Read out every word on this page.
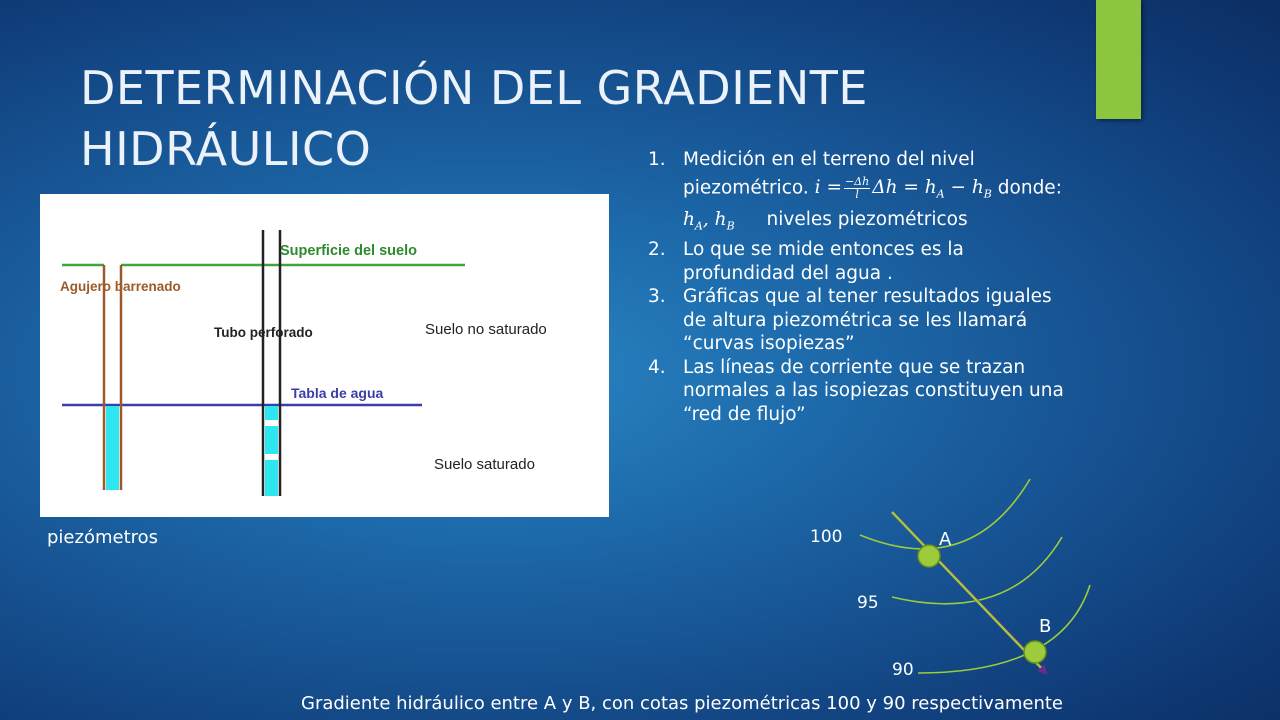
DETERMINACIÓN DEL GRADIENTE
HIDRÁULICO
Superficie del suelo
Agujero barrenado
Tubo perforado	Suelo no saturado
Tabla de agua
Suelo saturado
piezómetros
1. Medición en el terreno del nivel
piezométrico. $i = \frac{-\Delta h}{l}$ $\Delta h = h_A - h_B$ donde:
$h_A$, $h_B$ niveles piezométricos
2. Lo que se mide entonces es la
profundidad del agua .
3. Gráficas que al tener resultados iguales
de altura piezométrica se les llamará
“curvas isopiezas”
4. Las líneas de corriente que se trazan
normales a las isopiezas constituyen una
“red de flujo”
100
95
90
A
B
Gradiente hidráulico entre A y B, con cotas piezométricas 100 y 90 respectivamente
